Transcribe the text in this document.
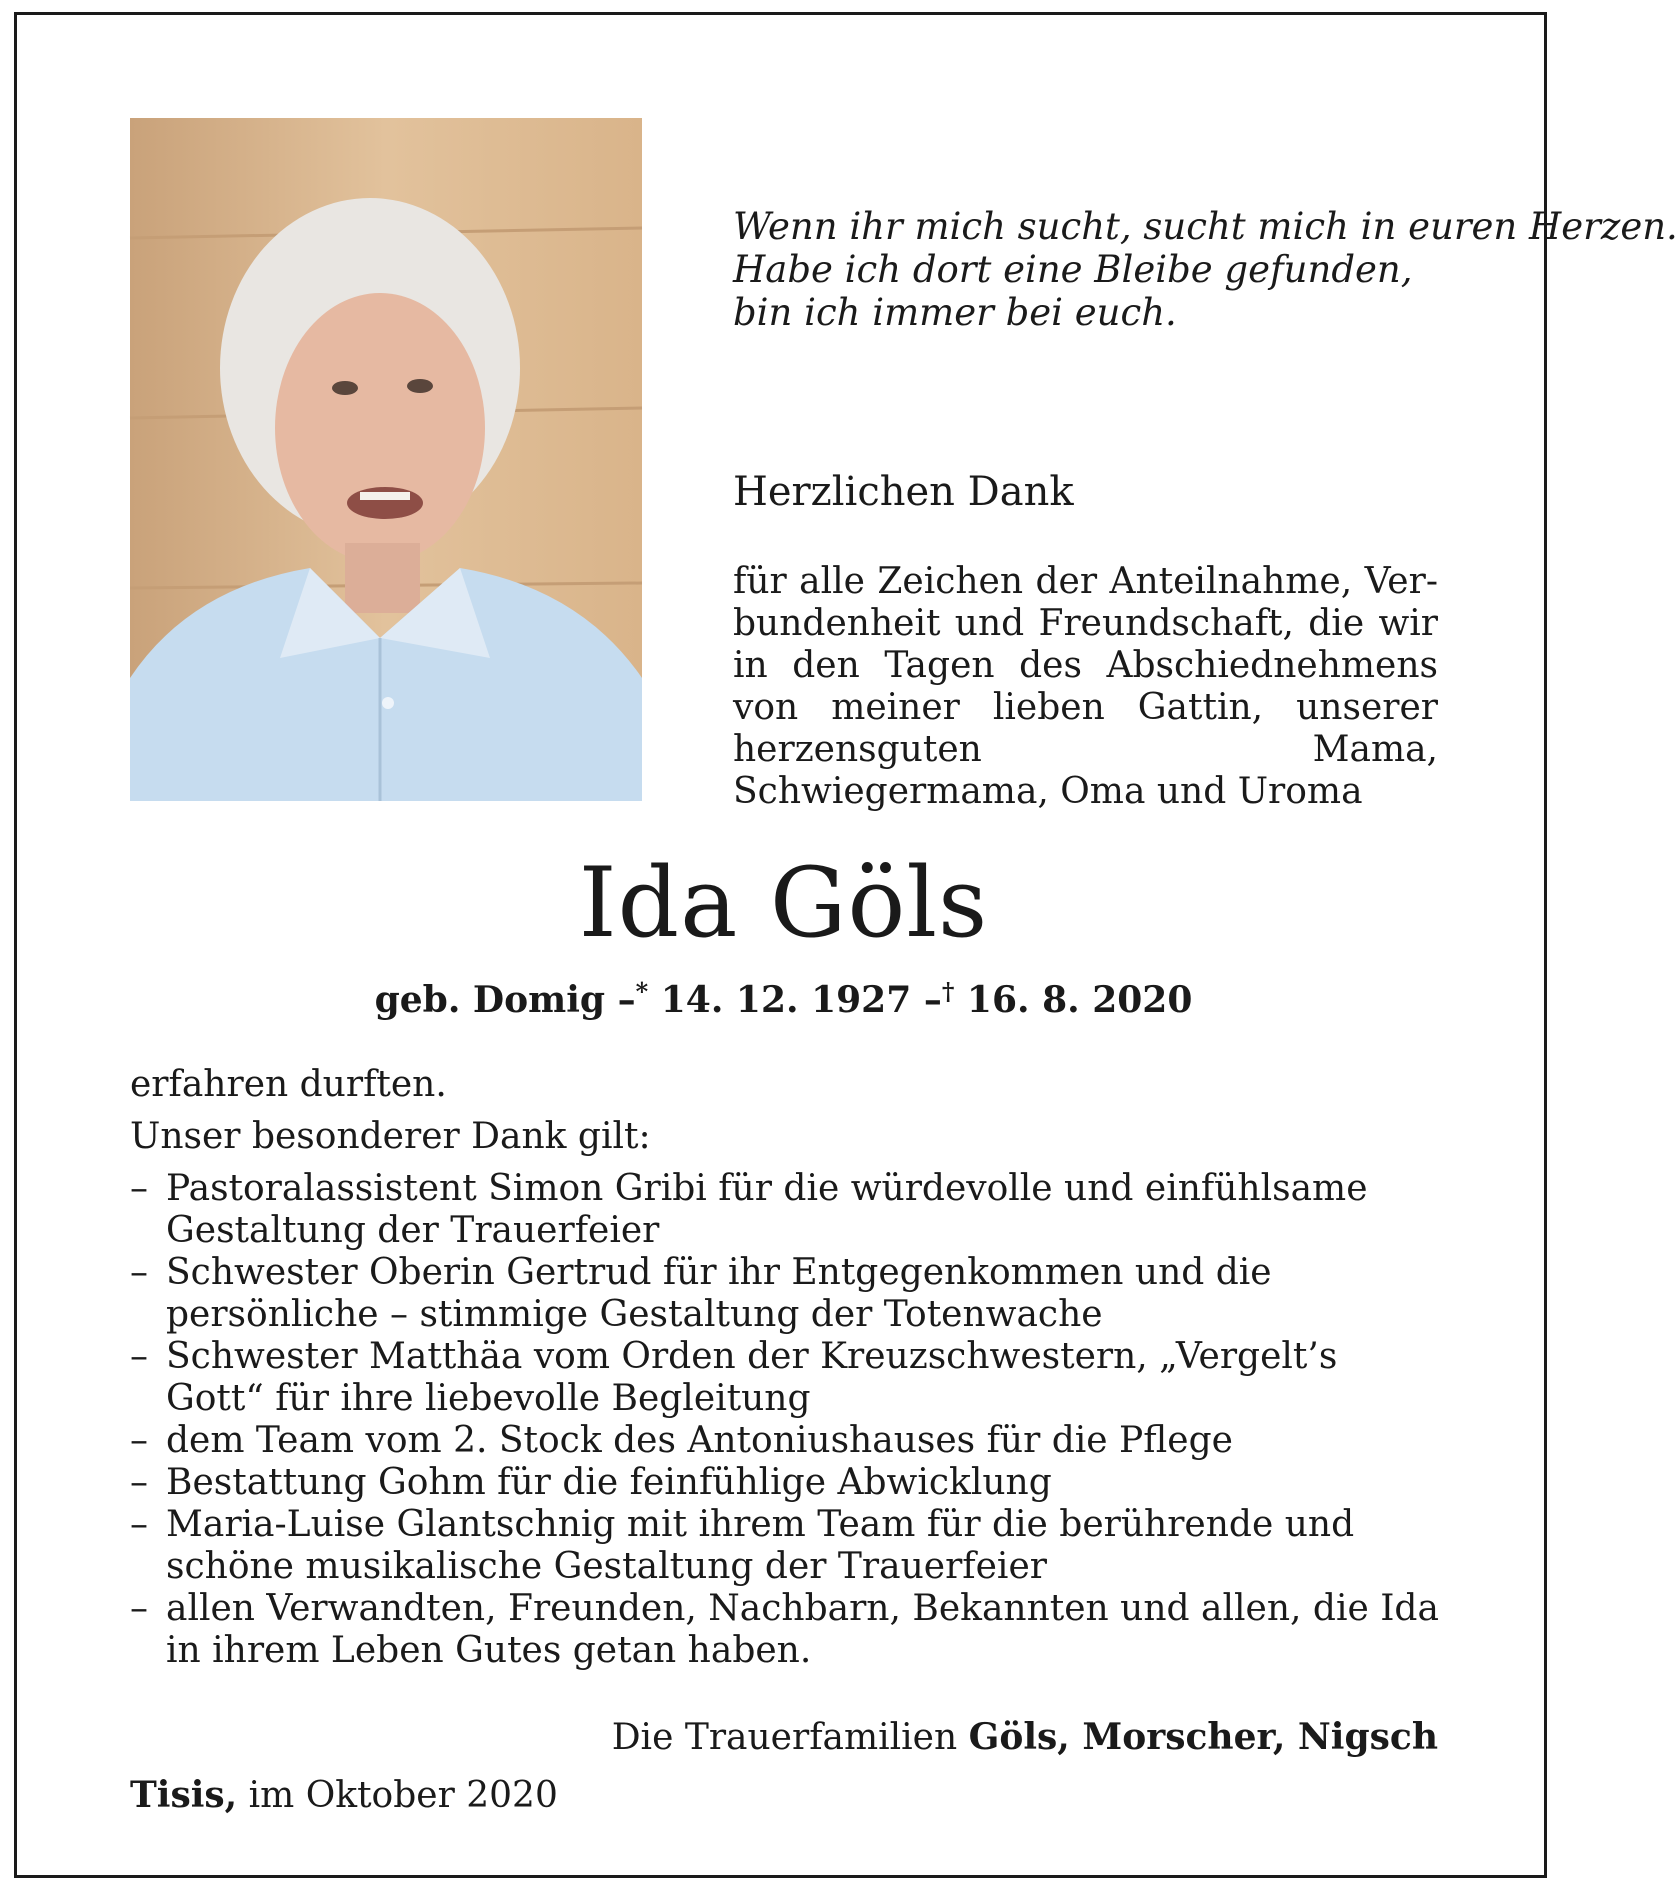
Wenn ihr mich sucht, sucht mich in euren Herzen.
Habe ich dort eine Bleibe gefunden,
bin ich immer bei euch.
Herzlichen Dank
für alle Zeichen der Anteilnahme, Verbundenheit und Freundschaft, die wir in den Tagen des Abschiednehmens von meiner lieben Gattin, unserer herzensguten Mama, Schwiegermama, Oma und Uroma
Ida Göls
geb. Domig –* 14. 12. 1927 –† 16. 8. 2020

erfahren durften.

Unser besonderer Dank gilt:

– Pastoralassistent Simon Gribi für die würdevolle und einfühlsame Gestaltung der Trauerfeier
– Schwester Oberin Gertrud für ihr Entgegenkommen und die persönliche – stimmige Gestaltung der Totenwache
– Schwester Matthäa vom Orden der Kreuzschwestern, „Vergelt’s Gott“ für ihre liebevolle Begleitung
– dem Team vom 2. Stock des Antoniushauses für die Pflege
– Bestattung Gohm für die feinfühlige Abwicklung
– Maria-Luise Glantschnig mit ihrem Team für die berührende und schöne musikalische Gestaltung der Trauerfeier
– allen Verwandten, Freunden, Nachbarn, Bekannten und allen, die Ida in ihrem Leben Gutes getan haben.
Die Trauerfamilien Göls, Morscher, Nigsch
Tisis, im Oktober 2020
